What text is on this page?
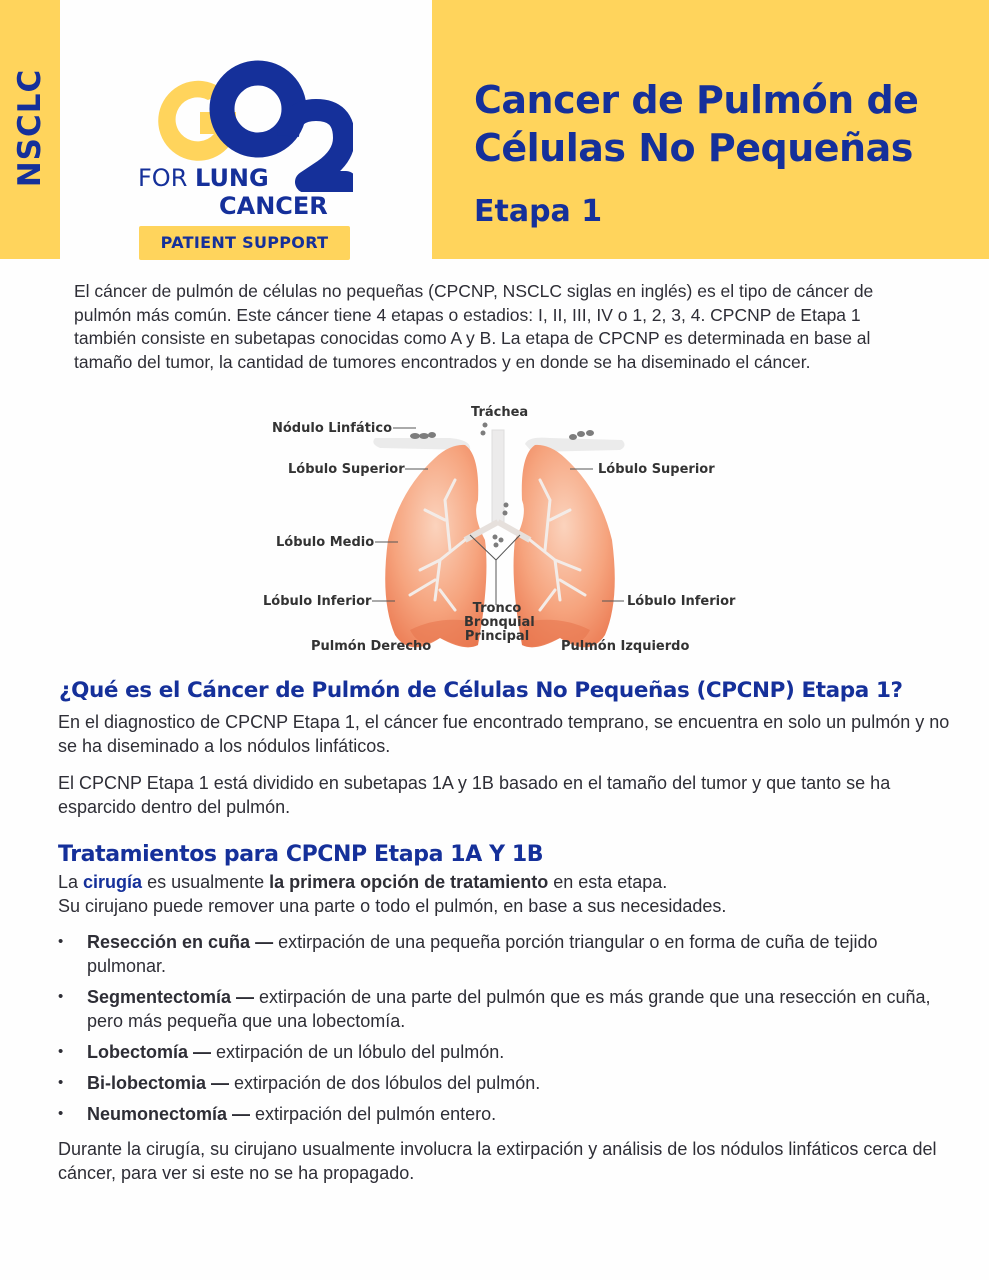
NSCLC	FOR LUNG
CANCER
PATIENT SUPPORT
Cancer de Pulmón de
Células No Pequeñas
Etapa 1

El cáncer de pulmón de células no pequeñas (CPCNP, NSCLC siglas en inglés) es el tipo de cáncer de pulmón más común. Este cáncer tiene 4 etapas o estadios: I, II, III, IV o 1, 2, 3, 4. CPCNP de Etapa 1 también consiste en subetapas conocidas como A y B. La etapa de CPCNP es determinada en base al tamaño del tumor, la cantidad de tumores encontrados y en donde se ha diseminado el cáncer.

Tráchea
Nódulo Linfático
Lóbulo Superior	Lóbulo Superior
Lóbulo Medio
Lóbulo Inferior	Lóbulo Inferior
Tronco
Bronquial
Principal
Pulmón Derecho	Pulmón Izquierdo
¿Qué es el Cáncer de Pulmón de Células No Pequeñas (CPCNP) Etapa 1?

En el diagnostico de CPCNP Etapa 1, el cáncer fue encontrado temprano, se encuentra en solo un pulmón y no se ha diseminado a los nódulos linfáticos.

El CPCNP Etapa 1 está dividido en subetapas 1A y 1B basado en el tamaño del tumor y que tanto se ha esparcido dentro del pulmón.

Tratamientos para CPCNP Etapa 1A Y 1B

La cirugía es usualmente la primera opción de tratamiento en esta etapa.
Su cirujano puede remover una parte o todo el pulmón, en base a sus necesidades.

• Resección en cuña — extirpación de una pequeña porción triangular o en forma de cuña de tejido pulmonar.
• Segmentectomía — extirpación de una parte del pulmón que es más grande que una resección en cuña, pero más pequeña que una lobectomía.
• Lobectomía — extirpación de un lóbulo del pulmón.
• Bi-lobectomia — extirpación de dos lóbulos del pulmón.
• Neumonectomía — extirpación del pulmón entero.

Durante la cirugía, su cirujano usualmente involucra la extirpación y análisis de los nódulos linfáticos cerca del cáncer, para ver si este no se ha propagado.
